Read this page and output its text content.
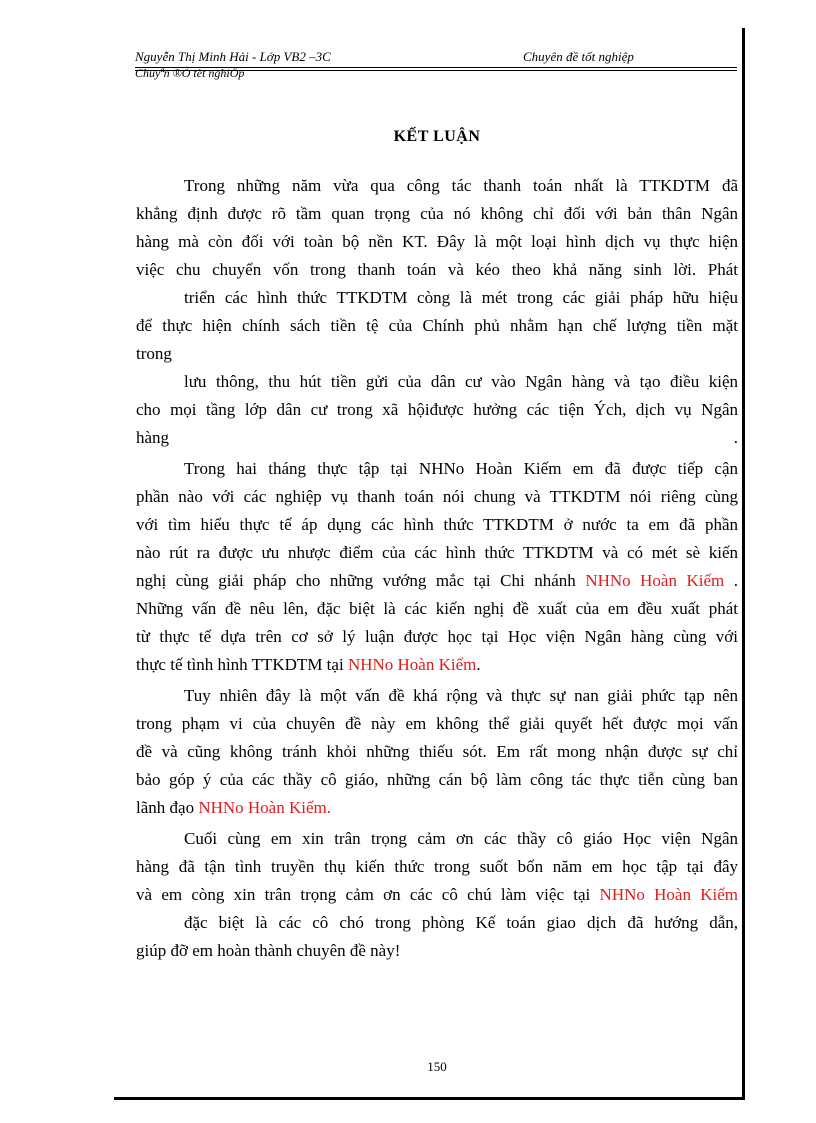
Nguyễn Thị Minh Hải - Lớp VB2 –3C	Chuyên đề tốt nghiệp
Chuyªn ®Ò tèt nghiÖp
KẾT LUẬN
Trong những năm vừa qua công tác thanh toán nhất là TTKDTM đã
khẳng định được rõ tầm quan trọng của nó không chỉ đối với bản thân Ngân
hàng mà còn đối với toàn bộ nền KT. Đây là một loại hình dịch vụ thực hiện
việc chu chuyển vốn trong thanh toán và kéo theo khả năng sinh lời. Phát
triển các hình thức TTKDTM còng là mét trong các giải pháp hữu hiệu
để thực hiện chính sách tiền tệ của Chính phủ nhằm hạn chế lượng tiền mặt
trong
lưu thông, thu hút tiền gửi của dân cư vào Ngân hàng và tạo điều kiện
cho mọi tầng lớp dân cư trong xã hộiđược hưởng các tiện Ých, dịch vụ Ngân
hàng	.
Trong hai tháng thực tập tại NHNo Hoàn Kiếm em đã được tiếp cận
phần nào với các nghiệp vụ thanh toán nói chung và TTKDTM nói riêng cùng
với tìm hiểu thực tế áp dụng các hình thức TTKDTM ở nước ta em đã phần
nào rút ra được ưu nhược điểm của các hình thức TTKDTM và có mét sè kiến
nghị cùng giải pháp cho những vướng mắc tại Chi nhánh NHNo Hoàn Kiếm .
Những vấn đề nêu lên, đặc biệt là các kiến nghị đề xuất của em đều xuất phát
từ thực tế dựa trên cơ sở lý luận được học tại Học viện Ngân hàng cùng với
thực tế tình hình TTKDTM tại NHNo Hoàn Kiếm.
Tuy nhiên đây là một vấn đề khá rộng và thực sự nan giải phức tạp nên
trong phạm vi của chuyên đề này em không thể giải quyết hết được mọi vấn
đề và cũng không tránh khỏi những thiếu sót. Em rất mong nhận được sự chỉ
bảo góp ý của các thầy cô giáo, những cán bộ làm công tác thực tiễn cùng ban
lãnh đạo NHNo Hoàn Kiếm.
Cuối cùng em xin trân trọng cảm ơn các thầy cô giáo Học viện Ngân
hàng đã tận tình truyền thụ kiến thức trong suốt bốn năm em học tập tại đây
và em còng xin trân trọng cảm ơn các cô chú làm việc tại NHNo Hoàn Kiếm
đặc biệt là các cô chó trong phòng Kế toán giao dịch đã hướng dẫn,
giúp đỡ em hoàn thành chuyên đề này!
150
